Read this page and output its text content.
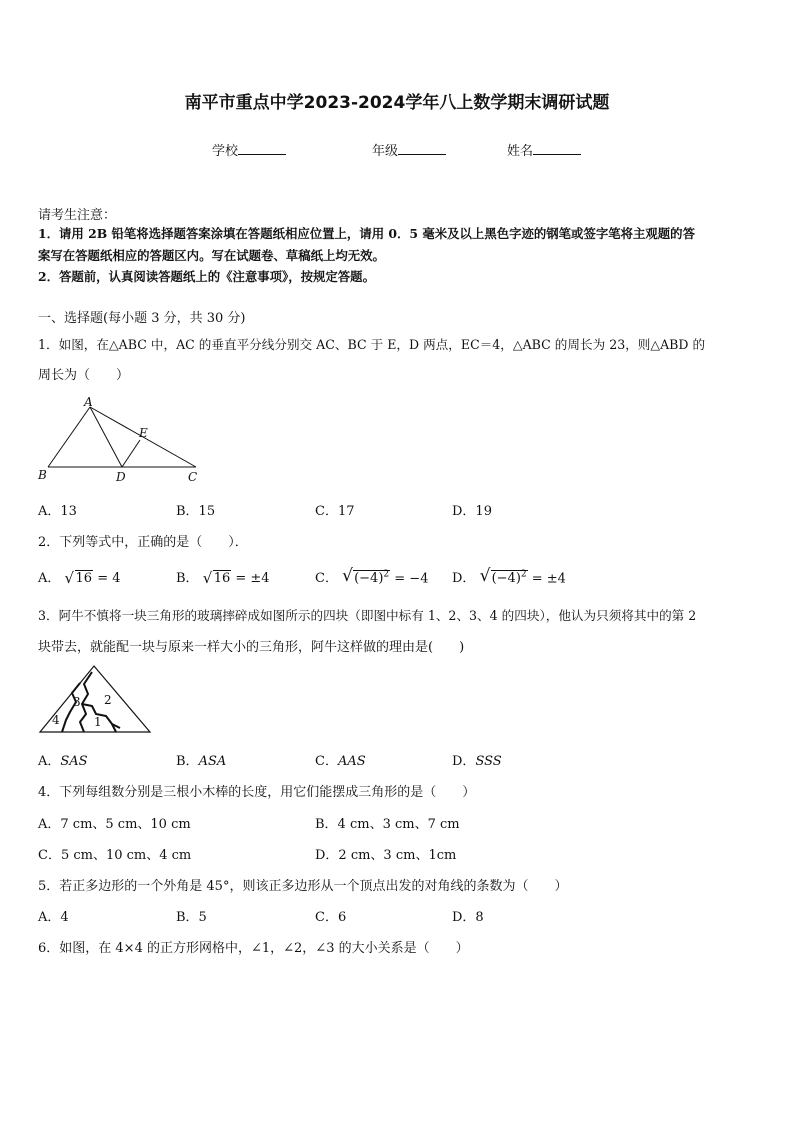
南平市重点中学2023-2024学年八上数学期末调研试题
学校	年级	姓名
请考生注意：
1．请用 2B 铅笔将选择题答案涂填在答题纸相应位置上，请用 0．5 毫米及以上黑色字迹的钢笔或签字笔将主观题的答
案写在答题纸相应的答题区内。写在试题卷、草稿纸上均无效。
2．答题前，认真阅读答题纸上的《注意事项》，按规定答题。
一、选择题(每小题 3 分，共 30 分)
1．如图，在△ABC 中，AC 的垂直平分线分别交 AC、BC 于 E，D 两点，EC＝4，△ABC 的周长为 23，则△ABD 的
周长为（　　）
A
B	C
D
E
A．13	B．15	C．17	D．19
2．下列等式中，正确的是（　　）．
A． √ 16 = 4	B． √ 16 = ±4	C． √ $(-4)^2 = -4$ D． √ $(-4)^2 = \pm 4$
3．阿牛不慎将一块三角形的玻璃摔碎成如图所示的四块（即图中标有 1、2、3、4 的四块），他认为只须将其中的第 2
块带去，就能配一块与原来一样大小的三角形，阿牛这样做的理由是(　　)
4
3 2
1
A．SAS	B．ASA	C．AAS	D．SSS
4．下列每组数分别是三根小木棒的长度，用它们能摆成三角形的是（　　）
A．7 cm、5 cm、10 cm	B．4 cm、3 cm、7 cm
C．5 cm、10 cm、4 cm	D．2 cm、3 cm、1cm
5．若正多边形的一个外角是 45°，则该正多边形从一个顶点出发的对角线的条数为（　　）
A．4	B．5	C．6	D．8
6．如图，在 4×4 的正方形网格中，∠1，∠2，∠3 的大小关系是（　　）
